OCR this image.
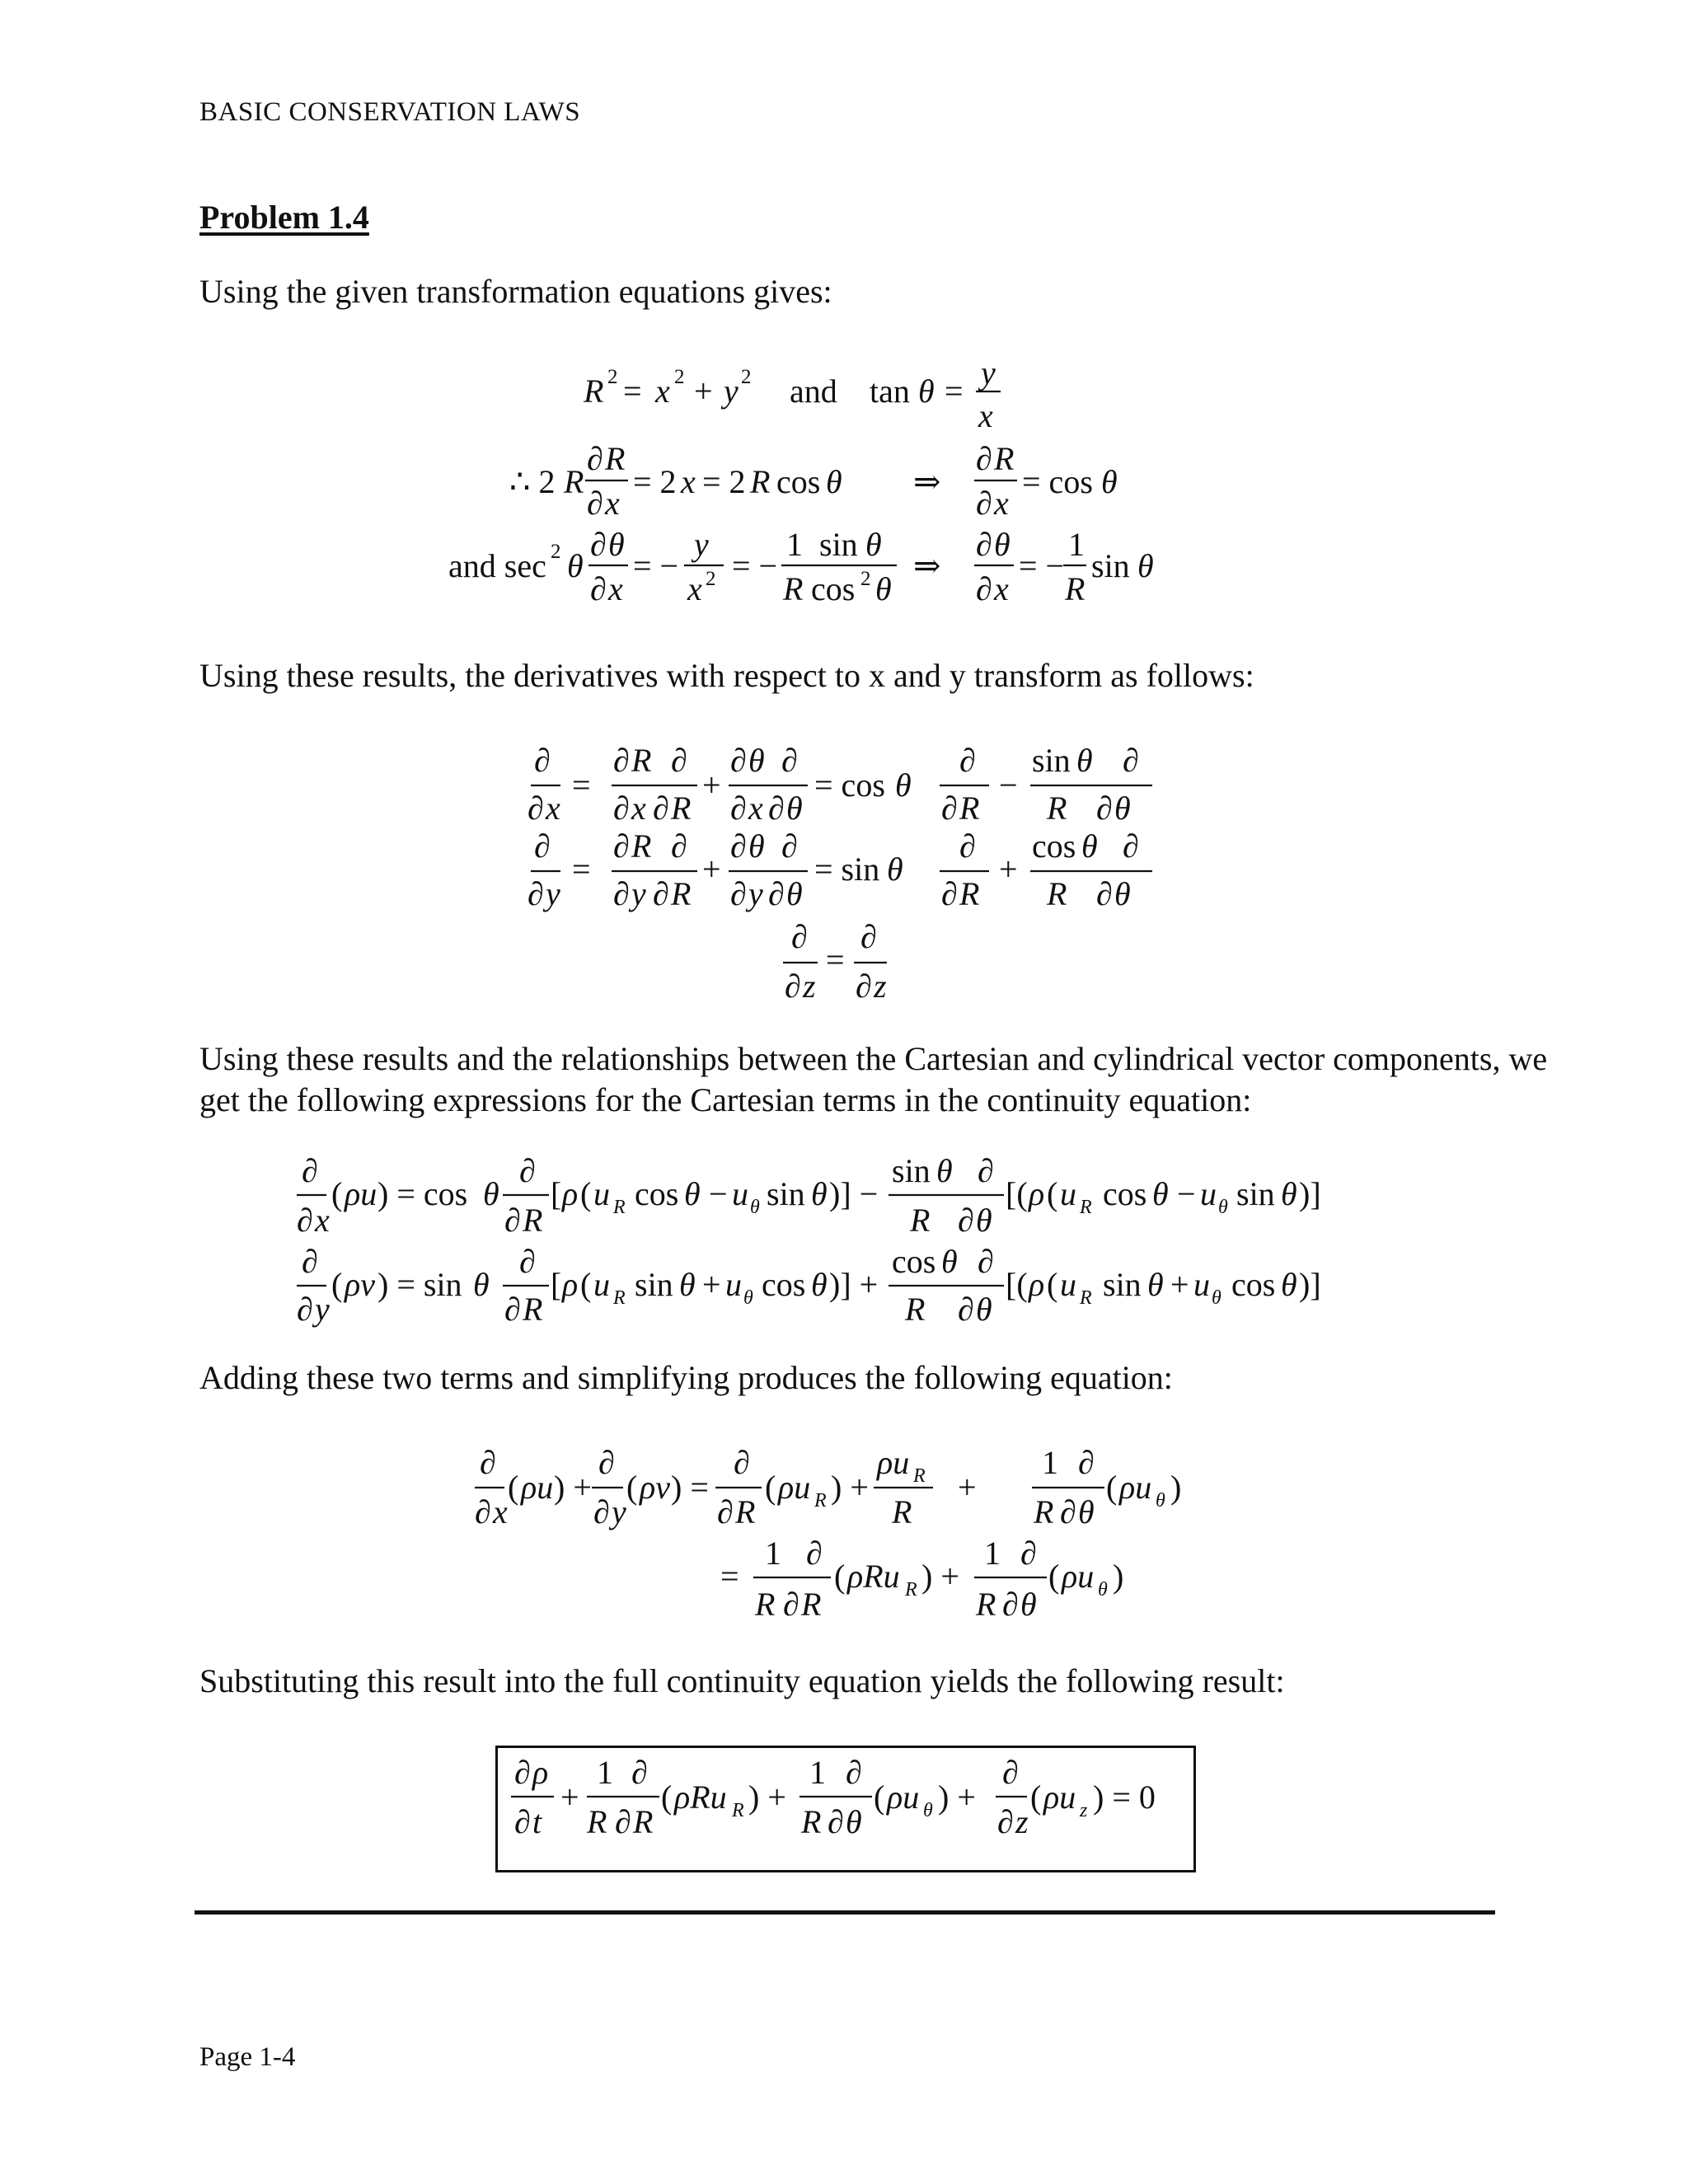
BASIC CONSERVATION LAWS
Problem 1.4
Using the given transformation equations gives:
R 2 = x 2 + y 2 and tan θ = y
x
∴ 2 R
∂ R
∂ x
= 2 x = 2 R cos θ ⇒
∂ R
∂ x
= cos θ
and sec 2 θ
∂ θ
∂ x
= −
y
x 2 = −
1 sin θ
R cos 2 θ
⇒
∂ θ
∂ x
= −
1
R
sin θ
Using these results, the derivatives with respect to x and y transform as follows:
∂
∂ x
=
∂ R ∂
∂ x ∂ R
+
∂ θ ∂
∂ x ∂ θ
= cos θ
∂
∂ R
−
sin θ ∂
R ∂ θ
∂
∂ y
=
∂ R ∂
∂ y ∂ R
+
∂ θ ∂
∂ y ∂ θ
= sin θ
∂
∂ R
+
cos θ ∂
R ∂ θ
∂
∂ z
=
∂
∂ z
Using these results and the relationships between the Cartesian and cylindrical vector components, we get the following expressions for the Cartesian terms in the continuity equation:
∂
∂ x
( ρu ) = cos θ
∂
∂ R
[ ρ ( u R cos θ − u θ sin θ )] −
sin θ ∂
R ∂ θ
[( ρ ( u R cos θ − u θ sin θ )]
∂
∂ y
( ρv ) = sin θ
∂
∂ R
[ ρ ( u R sin θ + u θ cos θ )] +
cos θ ∂
R ∂ θ
[( ρ ( u R sin θ + u θ cos θ )]
Adding these two terms and simplifying produces the following equation:
∂
∂ x
( ρu ) +
∂
∂ y
( ρv ) =
∂
∂ R
( ρu R ) +
ρu R
R
+
1 ∂
R ∂ θ
( ρu θ )
=
1 ∂
R ∂ R
( ρRu R ) +
1 ∂
R ∂ θ
( ρu θ )
Substituting this result into the full continuity equation yields the following result:
∂ ρ
∂ t
+
1 ∂
R ∂ R
( ρRu R ) +
1 ∂
R ∂ θ
( ρu θ ) +
∂
∂ z
( ρu z ) = 0
Page 1-4
